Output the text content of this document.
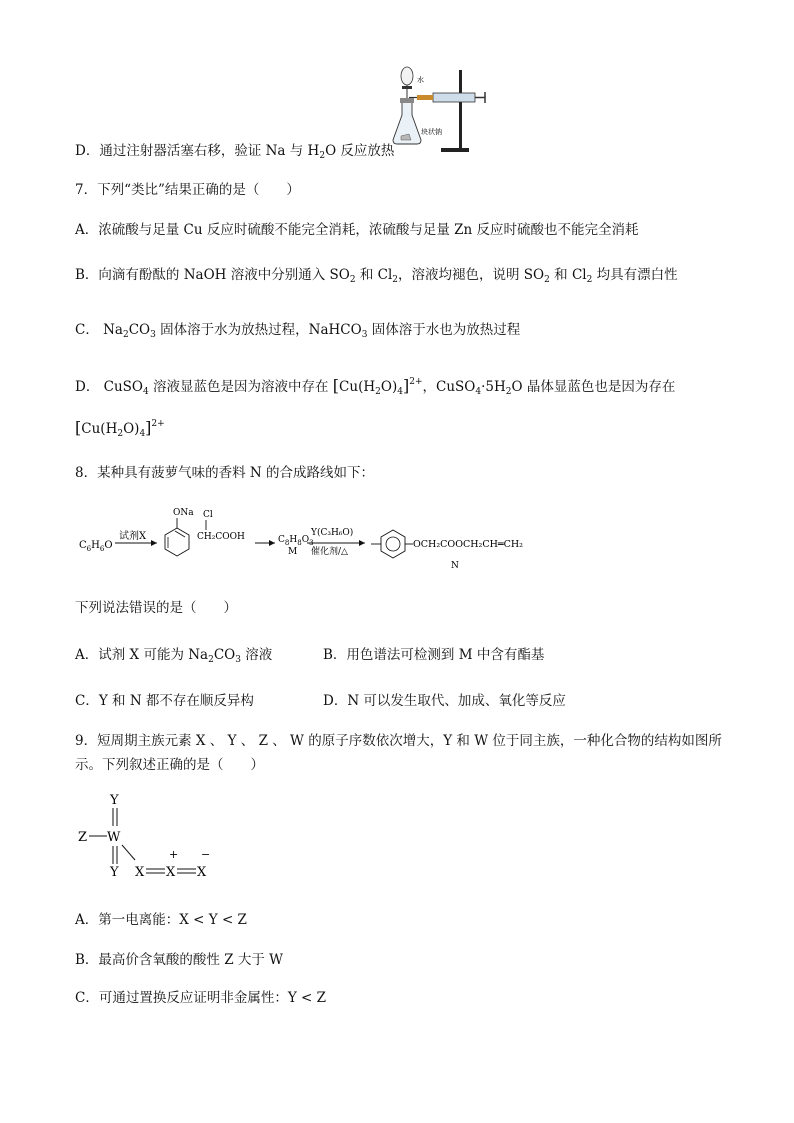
水
块状钠
D．通过注射器活塞右移，验证 Na 与 $H_2O$ 反应放热
7．下列“类比”结果正确的是（　　）
A．浓硫酸与足量 Cu 反应时硫酸不能完全消耗，浓硫酸与足量 Zn 反应时硫酸也不能完全消耗
B．向滴有酚酞的 NaOH 溶液中分别通入 $SO_2$ 和 $Cl_2$，溶液均褪色，说明 $SO_2$ 和 $Cl_2$ 均具有漂白性
C． $Na_2CO_3$ 固体溶于水为放热过程，NaHCO$_3$ 固体溶于水也为放热过程
D． CuSO$_4$ 溶液显蓝色是因为溶液中存在 $[Cu(H_2O)_4]^{2+}$，$CuSO_4\cdot 5H_2O$ 晶体显蓝色也是因为存在
$[Cu(H_2O)_4]^{2+}$
8．某种具有菠萝气味的香料 N 的合成路线如下：
$C_6H_6O$
试剂X
ONa Cl
CH₂COOH	$C_8H_8O_3$
M
Y(C₃H₆O)
催化剂/△
OCH₂COOCH₂CH═CH₂
N
下列说法错误的是（　　）
A．试剂 X 可能为 $Na_2CO_3$ 溶液	B．用色谱法可检测到 M 中含有酯基
C．Y 和 N 都不存在顺反异构	D．N 可以发生取代、加成、氧化等反应
9．短周期主族元素 X 、 Y 、 Z 、 W 的原子序数依次增大，Y 和 W 位于同主族，一种化合物的结构如图所
示。下列叙述正确的是（　　）
Y
Z W
Y X X
+
X
−
A．第一电离能：X < Y < Z
B．最高价含氧酸的酸性 Z 大于 W
C．可通过置换反应证明非金属性：Y < Z
